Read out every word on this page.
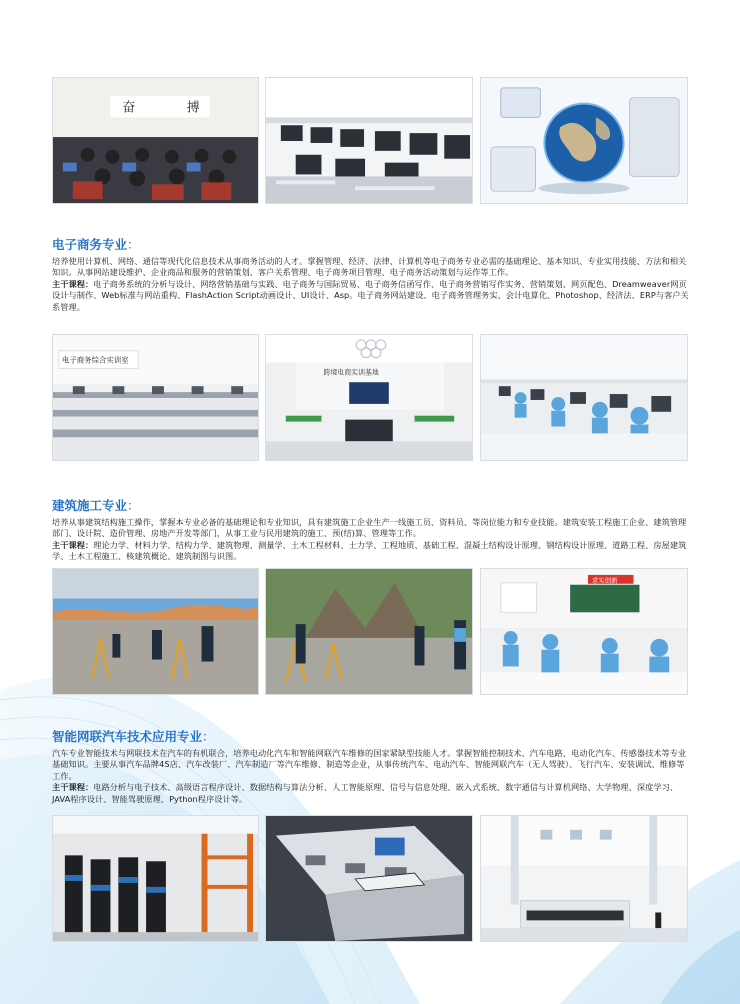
奋	搏

电子商务专业：

培养使用计算机、网络、通信等现代化信息技术从事商务活动的人才。掌握管理、经济、法律、计算机等电子商务专业必需的基础理论、基本知识、专业实用技能、方法和相关知识。从事网站建设维护、企业商品和服务的营销策划、客户关系管理、电子商务项目管理、电子商务活动策划与运作等工作。

主干课程：电子商务系统的分析与设计、网络营销基础与实践、电子商务与国际贸易、电子商务信函写作、电子商务营销写作实务、营销策划、网页配色、Dreamweaver网页设计与制作、Web标准与网站重构、FlashAction Script动画设计、UI设计、Asp。电子商务网站建设、电子商务管理务实、会计电算化、Photoshop、经济法、ERP与客户关系管理。

电子商务综合实训室
跨境电商实训基地

建筑施工专业：

培养从事建筑结构施工操作，掌握本专业必备的基础理论和专业知识，具有建筑施工企业生产一线施工员、资料员、等岗位能力和专业技能。建筑安装工程施工企业、建筑管理部门、设计院、造价管理、房地产开发等部门，从事工业与民用建筑的施工、预(结)算、管理等工作。

主干课程：理论力学、材料力学、结构力学、建筑物理、测量学、土木工程材料、土力学、工程地质、基础工程、混凝土结构设计原理、钢结构设计原理、道路工程、房屋建筑学、土木工程施工、核建筑概论、建筑制图与识图。

求实创新

智能网联汽车技术应用专业：

汽车专业智能技术与网联技术在汽车的有机联合，培养电动化汽车和智能网联汽车维修的国家紧缺型技能人才。掌握智能控制技术、汽车电路、电动化汽车、传感器技术等专业基础知识。主要从事汽车品牌4S店、汽车改装厂、汽车制造厂等汽车维修、制造等企业，从事传统汽车、电动汽车、智能网联汽车（无人驾驶）、飞行汽车、安装调试、维修等工作。

主干课程：电路分析与电子技术、高级语言程序设计、数据结构与算法分析、人工智能原理、信号与信息处理、嵌入式系统、数字通信与计算机网络、大学物理、深度学习、JAVA程序设计、智能驾驶原理、Python程序设计等。
